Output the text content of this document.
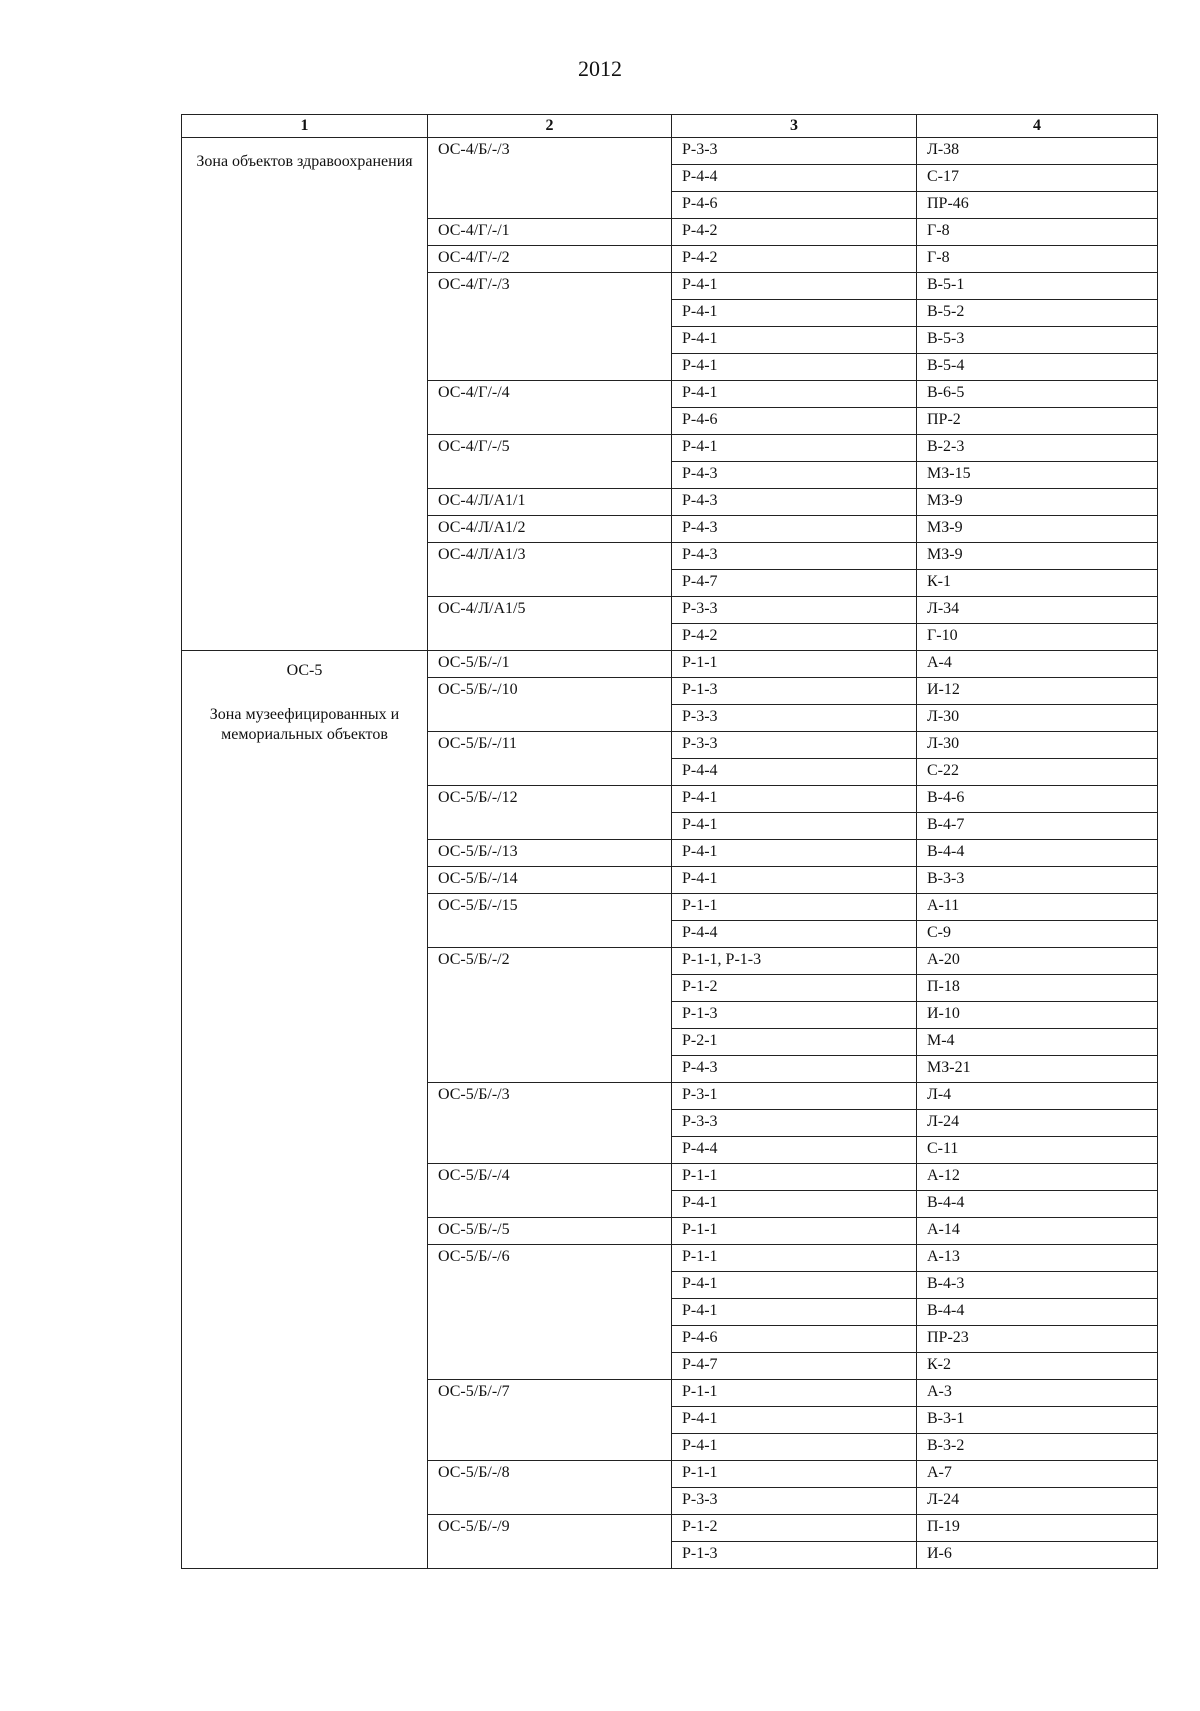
2012
1	2	3	4

Зона объектов здравоохранения	ОС-4/Б/-/3	Р-3-3	Л-38
		Р-4-4	С-17
		Р-4-6	ПР-46
	ОС-4/Г/-/1	Р-4-2	Г-8
	ОС-4/Г/-/2	Р-4-2	Г-8
	ОС-4/Г/-/3	Р-4-1	В-5-1
		Р-4-1	В-5-2
		Р-4-1	В-5-3
		Р-4-1	В-5-4
	ОС-4/Г/-/4	Р-4-1	В-6-5
		Р-4-6	ПР-2
	ОС-4/Г/-/5	Р-4-1	В-2-3
		Р-4-3	МЗ-15
	ОС-4/Л/А1/1	Р-4-3	МЗ-9
	ОС-4/Л/А1/2	Р-4-3	МЗ-9
	ОС-4/Л/А1/3	Р-4-3	МЗ-9
		Р-4-7	К-1
	ОС-4/Л/А1/5	Р-3-3	Л-34
		Р-4-2	Г-10

ОС-5
Зона музеефицированных и мемориальных объектов	ОС-5/Б/-/1	Р-1-1	А-4
	ОС-5/Б/-/10	Р-1-3	И-12
		Р-3-3	Л-30
	ОС-5/Б/-/11	Р-3-3	Л-30
		Р-4-4	С-22
	ОС-5/Б/-/12	Р-4-1	В-4-6
		Р-4-1	В-4-7
	ОС-5/Б/-/13	Р-4-1	В-4-4
	ОС-5/Б/-/14	Р-4-1	В-3-3
	ОС-5/Б/-/15	Р-1-1	А-11
		Р-4-4	С-9
	ОС-5/Б/-/2	Р-1-1, Р-1-3	А-20
		Р-1-2	П-18
		Р-1-3	И-10
		Р-2-1	М-4
		Р-4-3	МЗ-21
	ОС-5/Б/-/3	Р-3-1	Л-4
		Р-3-3	Л-24
		Р-4-4	С-11
	ОС-5/Б/-/4	Р-1-1	А-12
		Р-4-1	В-4-4
	ОС-5/Б/-/5	Р-1-1	А-14
	ОС-5/Б/-/6	Р-1-1	А-13
		Р-4-1	В-4-3
		Р-4-1	В-4-4
		Р-4-6	ПР-23
		Р-4-7	К-2
	ОС-5/Б/-/7	Р-1-1	А-3
		Р-4-1	В-3-1
		Р-4-1	В-3-2
	ОС-5/Б/-/8	Р-1-1	А-7
		Р-3-3	Л-24
	ОС-5/Б/-/9	Р-1-2	П-19
		Р-1-3	И-6
